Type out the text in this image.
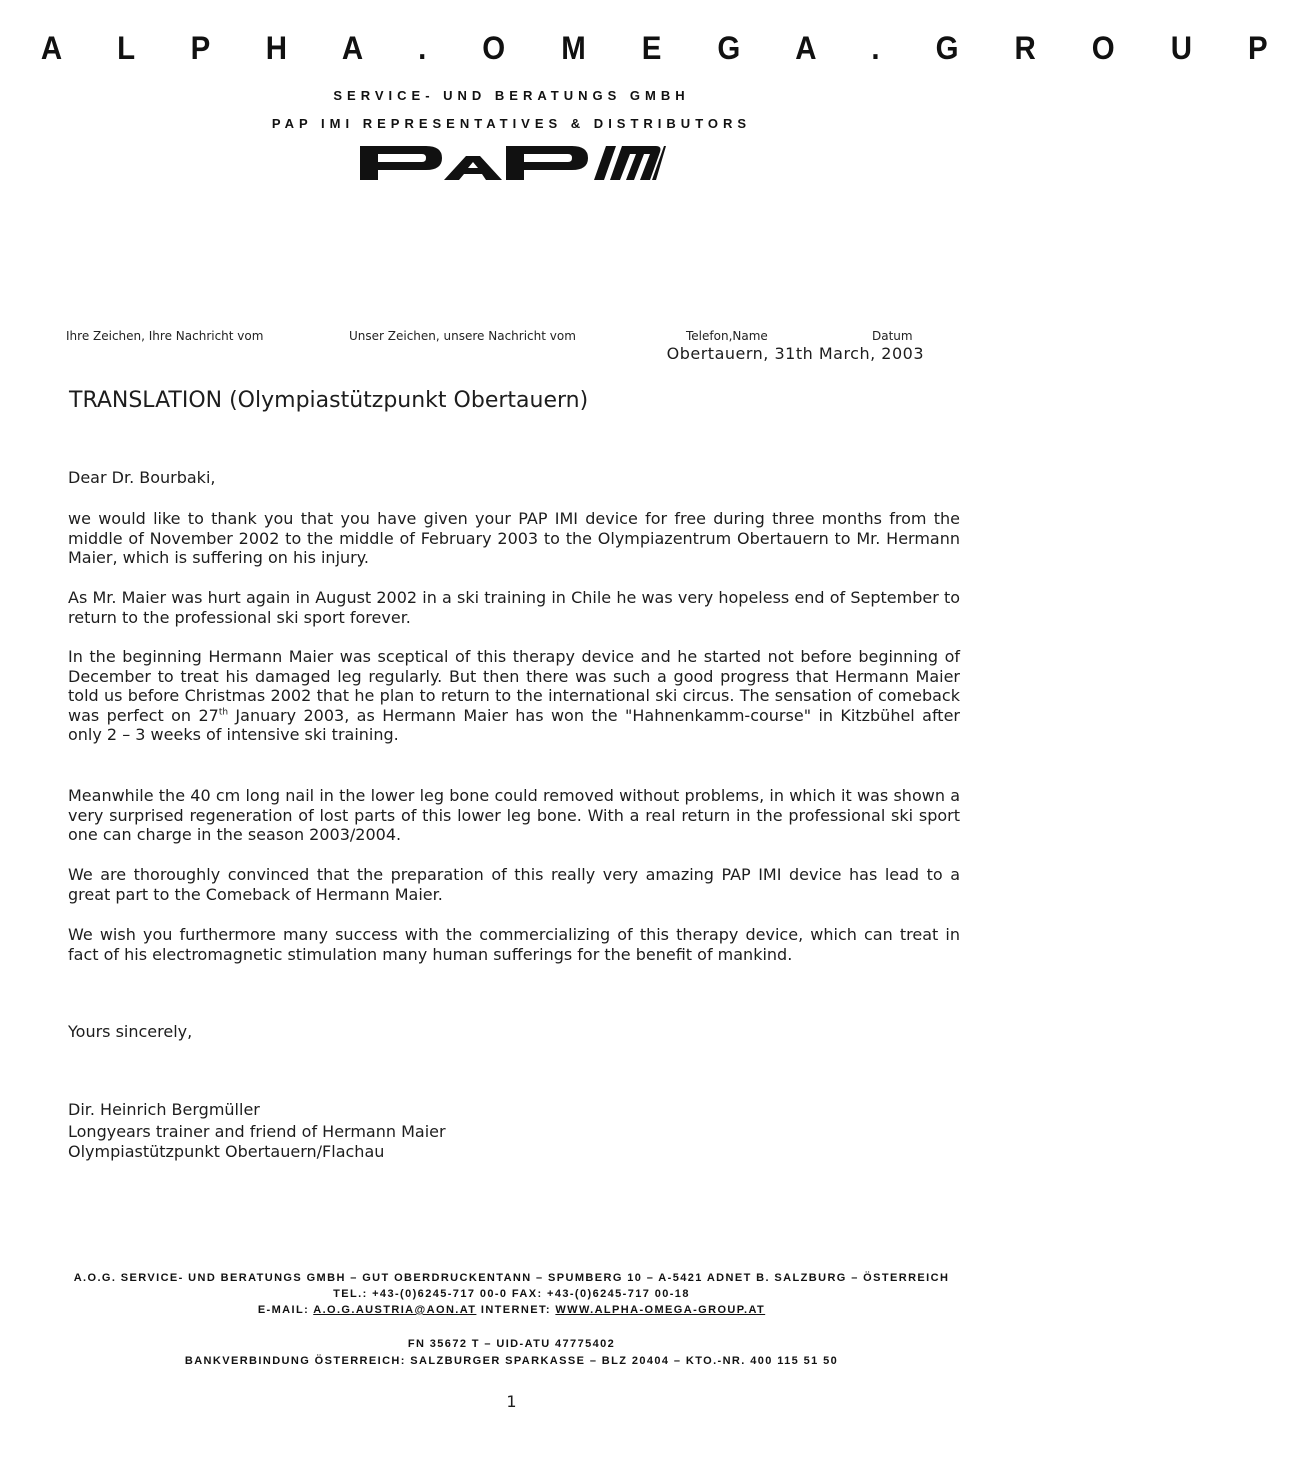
A L P H A . O M E G A . G R O U P
SERVICE- UND BERATUNGS GMBH
PAP IMI REPRESENTATIVES & DISTRIBUTORS
Ihre Zeichen, Ihre Nachricht vom	Unser Zeichen, unsere Nachricht vom	Telefon,Name	Datum
Obertauern, 31th March, 2003
TRANSLATION (Olympiastützpunkt Obertauern)
Dear Dr. Bourbaki,
we would like to thank you that you have given your PAP IMI device for free during three months from the middle of November 2002 to the middle of February 2003 to the Olympiazentrum Obertauern to Mr. Hermann Maier, which is suffering on his injury.
As Mr. Maier was hurt again in August 2002 in a ski training in Chile he was very hopeless end of September to return to the professional ski sport forever.
In the beginning Hermann Maier was sceptical of this therapy device and he started not before beginning of December to treat his damaged leg regularly. But then there was such a good progress that Hermann Maier told us before Christmas 2002 that he plan to return to the international ski circus. The sensation of comeback was perfect on 27th January 2003, as Hermann Maier has won the "Hahnenkamm-course" in Kitzbühel after only 2 – 3 weeks of intensive ski training.
Meanwhile the 40 cm long nail in the lower leg bone could removed without problems, in which it was shown a very surprised regeneration of lost parts of this lower leg bone. With a real return in the professional ski sport one can charge in the season 2003/2004.
We are thoroughly convinced that the preparation of this really very amazing PAP IMI device has lead to a great part to the Comeback of Hermann Maier.
We wish you furthermore many success with the commercializing of this therapy device, which can treat in fact of his electromagnetic stimulation many human sufferings for the benefit of mankind.
Yours sincerely,
Dir. Heinrich Bergmüller
Longyears trainer and friend of Hermann Maier
Olympiastützpunkt Obertauern/Flachau
A.O.G. SERVICE- UND BERATUNGS GMBH – GUT OBERDRUCKENTANN – SPUMBERG 10 – A-5421 ADNET B. SALZBURG – ÖSTERREICH
TEL.: +43-(0)6245-717 00-0 FAX: +43-(0)6245-717 00-18
E-MAIL: A.O.G.AUSTRIA@AON.AT INTERNET: WWW.ALPHA-OMEGA-GROUP.AT
FN 35672 T – UID-ATU 47775402
BANKVERBINDUNG ÖSTERREICH: SALZBURGER SPARKASSE – BLZ 20404 – KTO.-NR. 400 115 51 50
1
